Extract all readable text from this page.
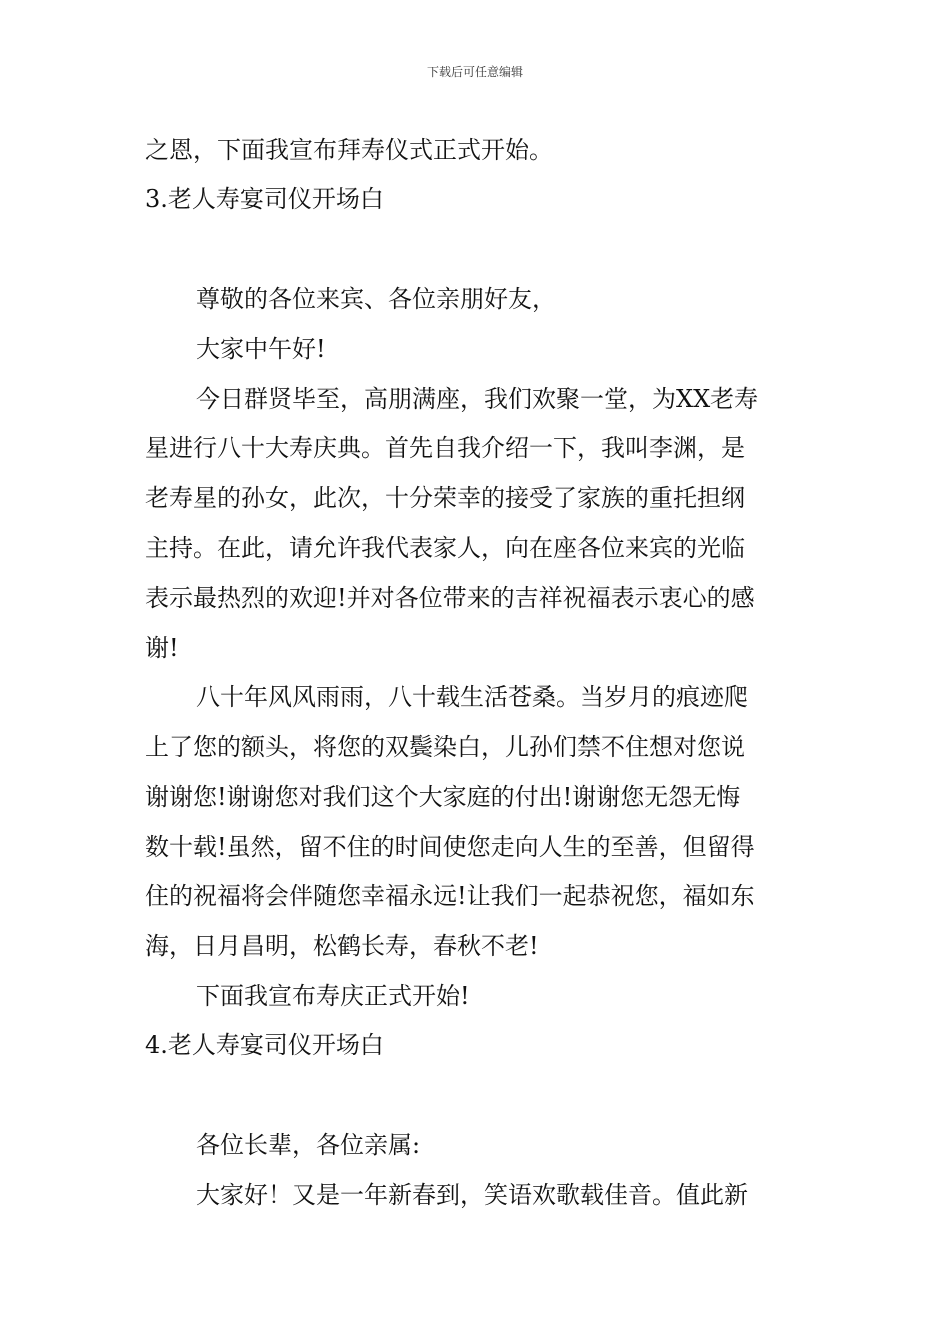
下载后可任意编辑
之恩，下面我宣布拜寿仪式正式开始。
3.老人寿宴司仪开场白
尊敬的各位来宾、各位亲朋好友，
大家中午好!
今日群贤毕至，高朋满座，我们欢聚一堂，为XX老寿
星进行八十大寿庆典。首先自我介绍一下，我叫李渊，是
老寿星的孙女，此次，十分荣幸的接受了家族的重托担纲
主持。在此，请允许我代表家人，向在座各位来宾的光临
表示最热烈的欢迎!并对各位带来的吉祥祝福表示衷心的感
谢!
八十年风风雨雨，八十载生活苍桑。当岁月的痕迹爬
上了您的额头，将您的双鬓染白，儿孙们禁不住想对您说
谢谢您!谢谢您对我们这个大家庭的付出!谢谢您无怨无悔
数十载!虽然，留不住的时间使您走向人生的至善，但留得
住的祝福将会伴随您幸福永远!让我们一起恭祝您，福如东
海，日月昌明，松鹤长寿，春秋不老!
下面我宣布寿庆正式开始!
4.老人寿宴司仪开场白
各位长辈，各位亲属:
大家好！又是一年新春到，笑语欢歌载佳音。值此新
